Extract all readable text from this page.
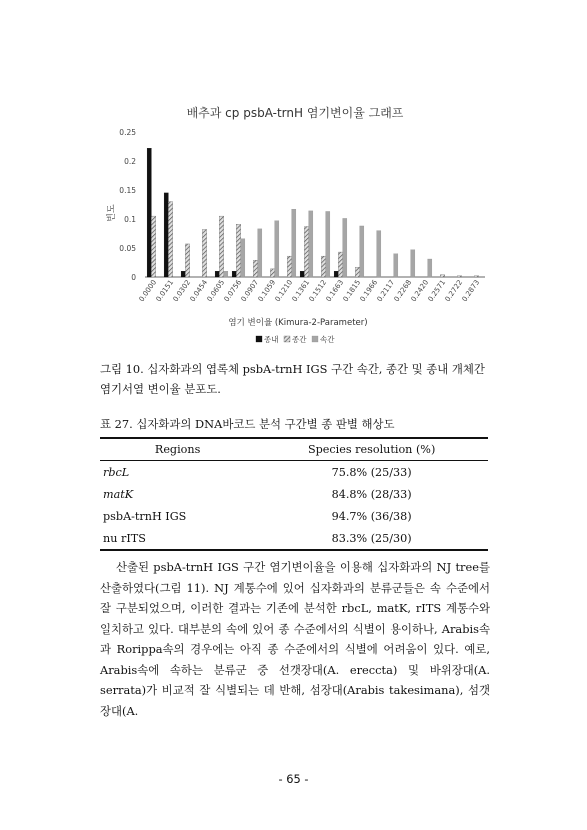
배추과 cp psbA-trnH 염기변이율 그래프
0
0.05
0.1
0.15
0.2
0.25
0.0000
0.0151
0.0302
0.0454
0.0605
0.0756
0.0907
0.1059
0.1210
0.1361
0.1512
0.1663
0.1815
0.1966
0.2117
0.2268
0.2420
0.2571
0.2722
0.2873
염기 변이율 (Kimura-2-Parameter)
빈도
종내 종간 속간
그림 10. 십자화과의 엽록체 psbA-trnH IGS 구간 속간, 종간 및 종내 개체간 염기서열 변이율 분포도.
표 27. 십자화과의 DNA바코드 분석 구간별 종 판별 해상도
Regions	Species resolution (%)
rbcL	75.8% (25/33)
matK	84.8% (28/33)
psbA-trnH IGS	94.7% (36/38)
nu rITS	83.3% (25/30)

산출된 psbA-trnH IGS 구간 염기변이율을 이용해 십자화과의 NJ tree를 산출하였다(그림 11). NJ 계통수에 있어 십자화과의 분류군들은 속 수준에서 잘 구분되었으며, 이러한 결과는 기존에 분석한 rbcL, matK, rITS 계통수와 일치하고 있다. 대부분의 속에 있어 종 수준에서의 식별이 용이하나, Arabis속과 Rorippa속의 경우에는 아직 종 수준에서의 식별에 어려움이 있다. 예로, Arabis속에 속하는 분류군 중 선갯장대(A. ereccta) 및 바위장대(A. serrata)가 비교적 잘 식별되는 데 반해, 섬장대(Arabis takesimana), 섬갯장대(A.

- 65 -
